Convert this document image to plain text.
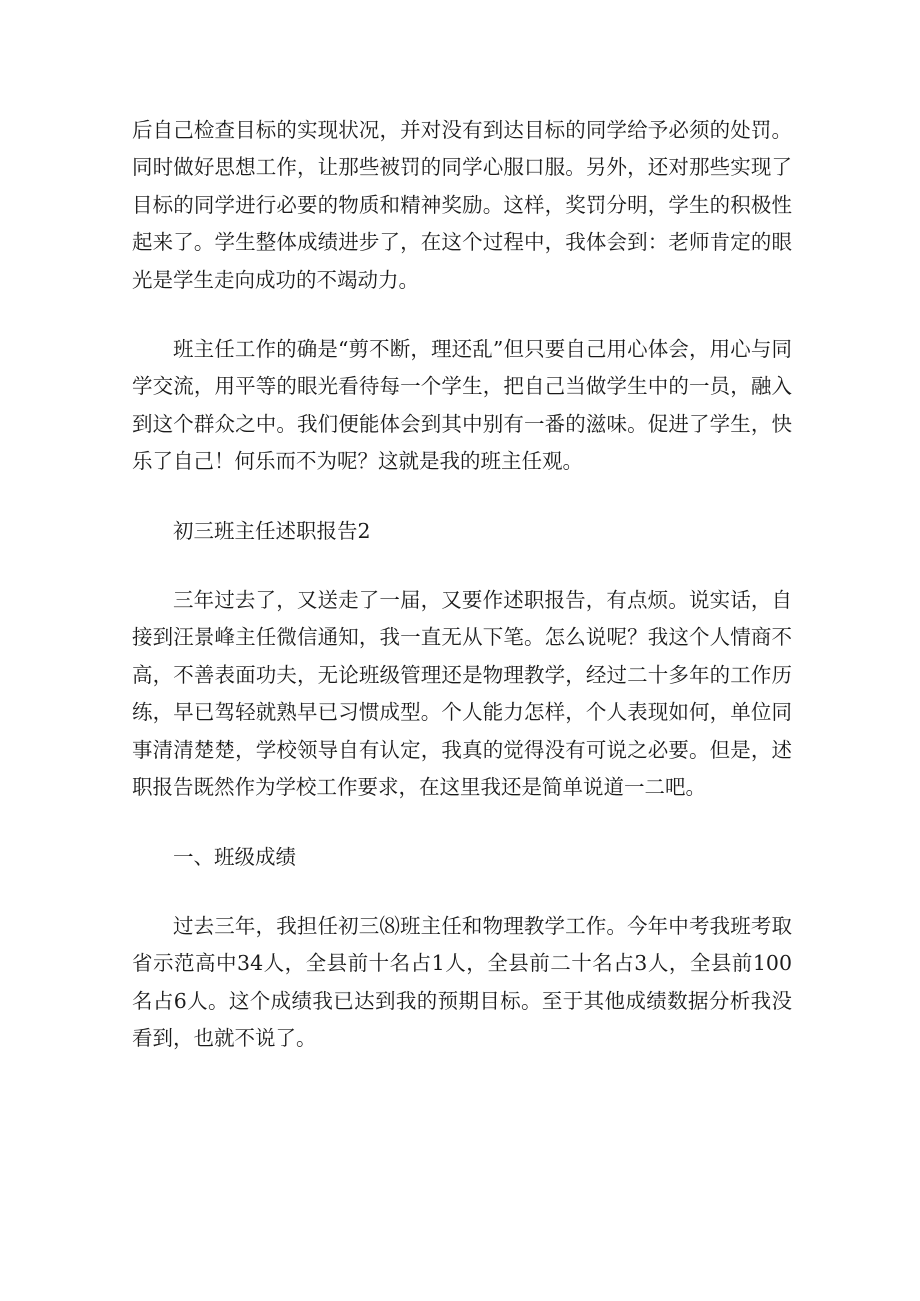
后自己检查目标的实现状况，并对没有到达目标的同学给予必须的处罚。同时做好思想工作，让那些被罚的同学心服口服。另外，还对那些实现了目标的同学进行必要的物质和精神奖励。这样，奖罚分明，学生的积极性起来了。学生整体成绩进步了，在这个过程中，我体会到：老师肯定的眼光是学生走向成功的不竭动力。

班主任工作的确是“剪不断，理还乱”但只要自己用心体会，用心与同学交流，用平等的眼光看待每一个学生，把自己当做学生中的一员，融入到这个群众之中。我们便能体会到其中别有一番的滋味。促进了学生，快乐了自己！何乐而不为呢？这就是我的班主任观。

初三班主任述职报告2

三年过去了，又送走了一届，又要作述职报告，有点烦。说实话，自接到汪景峰主任微信通知，我一直无从下笔。怎么说呢？我这个人情商不高，不善表面功夫，无论班级管理还是物理教学，经过二十多年的工作历练，早已驾轻就熟早已习惯成型。个人能力怎样，个人表现如何，单位同事清清楚楚，学校领导自有认定，我真的觉得没有可说之必要。但是，述职报告既然作为学校工作要求，在这里我还是简单说道一二吧。

一、班级成绩

过去三年，我担任初三⑻班主任和物理教学工作。今年中考我班考取省示范高中34人，全县前十名占1人，全县前二十名占3人，全县前100名占6人。这个成绩我已达到我的预期目标。至于其他成绩数据分析我没看到，也就不说了。
